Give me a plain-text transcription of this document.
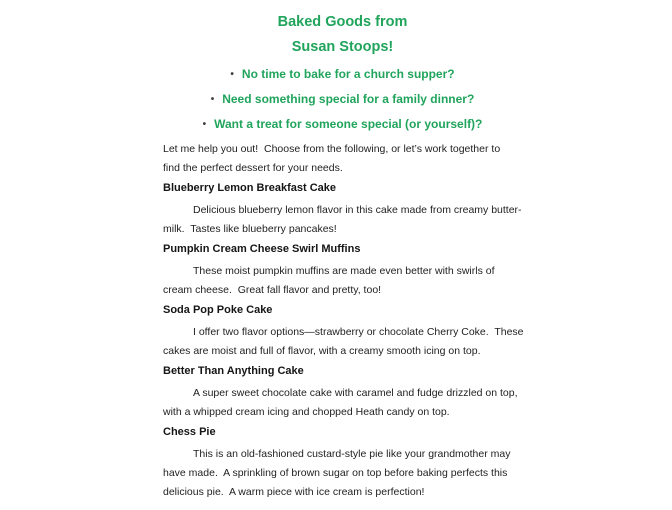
Baked Goods from
Susan Stoops!
• No time to bake for a church supper?
• Need something special for a family dinner?
• Want a treat for someone special (or yourself)?
Let me help you out!  Choose from the following, or let’s work together to
find the perfect dessert for your needs.
Blueberry Lemon Breakfast Cake
Delicious blueberry lemon flavor in this cake made from creamy butter-
milk.  Tastes like blueberry pancakes!
Pumpkin Cream Cheese Swirl Muffins
These moist pumpkin muffins are made even better with swirls of
cream cheese.  Great fall flavor and pretty, too!
Soda Pop Poke Cake
I offer two flavor options—strawberry or chocolate Cherry Coke.  These
cakes are moist and full of flavor, with a creamy smooth icing on top.
Better Than Anything Cake
A super sweet chocolate cake with caramel and fudge drizzled on top,
with a whipped cream icing and chopped Heath candy on top.
Chess Pie
This is an old-fashioned custard-style pie like your grandmother may
have made.  A sprinkling of brown sugar on top before baking perfects this
delicious pie.  A warm piece with ice cream is perfection!
